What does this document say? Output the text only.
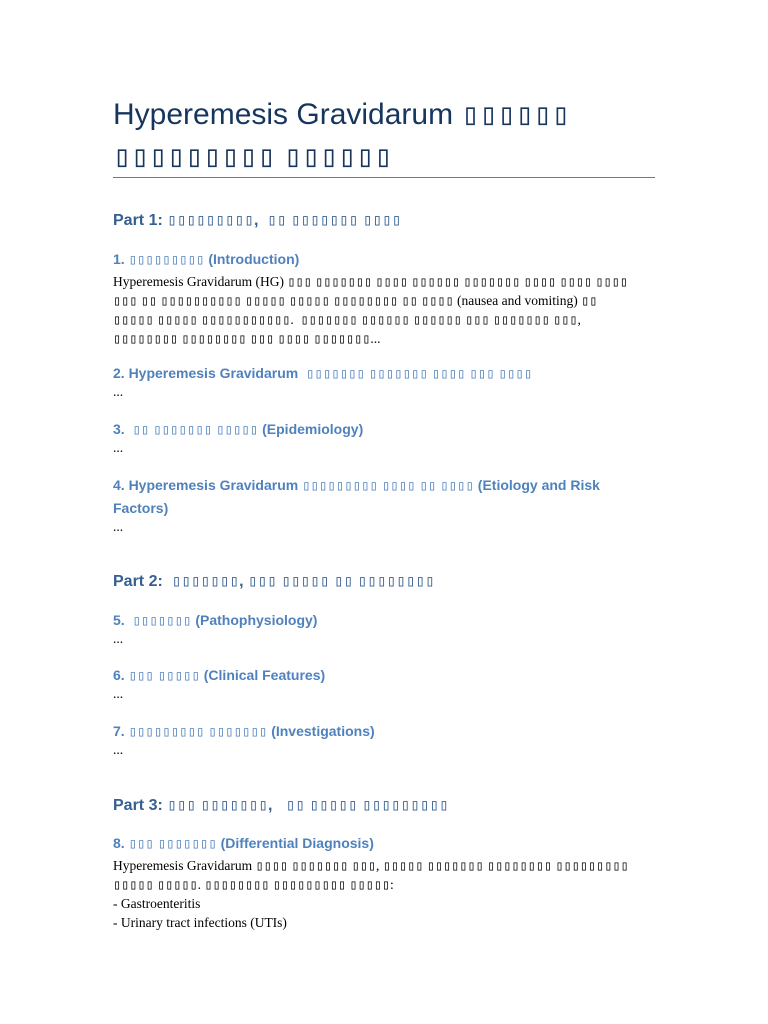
Hyperemesis Gravidarum ▯▯▯▯▯▯
▯▯▯▯▯▯▯▯▯ ▯▯▯▯▯▯
Part 1: ▯▯▯▯▯▯▯▯▯,  ▯▯ ▯▯▯▯▯▯▯ ▯▯▯▯
1. ▯▯▯▯▯▯▯▯▯ (Introduction)
Hyperemesis Gravidarum (HG) ▯▯▯ ▯▯▯▯▯▯▯ ▯▯▯▯ ▯▯▯▯▯▯ ▯▯▯▯▯▯▯ ▯▯▯▯ ▯▯▯▯ ▯▯▯▯
▯▯▯ ▯▯ ▯▯▯▯▯▯▯▯▯▯ ▯▯▯▯▯ ▯▯▯▯▯ ▯▯▯▯▯▯▯▯ ▯▯ ▯▯▯▯ (nausea and vomiting) ▯▯
▯▯▯▯▯ ▯▯▯▯▯ ▯▯▯▯▯▯▯▯▯▯▯.  ▯▯▯▯▯▯▯ ▯▯▯▯▯▯ ▯▯▯▯▯▯ ▯▯▯ ▯▯▯▯▯▯▯ ▯▯▯,
▯▯▯▯▯▯▯▯ ▯▯▯▯▯▯▯▯ ▯▯▯ ▯▯▯▯ ▯▯▯▯▯▯▯...
2. Hyperemesis Gravidarum  ▯▯▯▯▯▯▯ ▯▯▯▯▯▯▯ ▯▯▯▯ ▯▯▯ ▯▯▯▯
...
3.  ▯▯ ▯▯▯▯▯▯▯ ▯▯▯▯▯ (Epidemiology)
...
4. Hyperemesis Gravidarum ▯▯▯▯▯▯▯▯▯ ▯▯▯▯ ▯▯ ▯▯▯▯ (Etiology and Risk
Factors)
...
Part 2:  ▯▯▯▯▯▯▯, ▯▯▯ ▯▯▯▯▯ ▯▯ ▯▯▯▯▯▯▯▯
5.  ▯▯▯▯▯▯▯ (Pathophysiology)
...
6. ▯▯▯ ▯▯▯▯▯ (Clinical Features)
...
7. ▯▯▯▯▯▯▯▯▯ ▯▯▯▯▯▯▯ (Investigations)
...
Part 3: ▯▯▯ ▯▯▯▯▯▯▯,   ▯▯ ▯▯▯▯▯ ▯▯▯▯▯▯▯▯▯
8. ▯▯▯ ▯▯▯▯▯▯▯ (Differential Diagnosis)
Hyperemesis Gravidarum ▯▯▯▯ ▯▯▯▯▯▯▯ ▯▯▯, ▯▯▯▯▯ ▯▯▯▯▯▯▯ ▯▯▯▯▯▯▯▯ ▯▯▯▯▯▯▯▯▯
▯▯▯▯▯ ▯▯▯▯▯. ▯▯▯▯▯▯▯▯ ▯▯▯▯▯▯▯▯▯ ▯▯▯▯▯:
- Gastroenteritis
- Urinary tract infections (UTIs)
